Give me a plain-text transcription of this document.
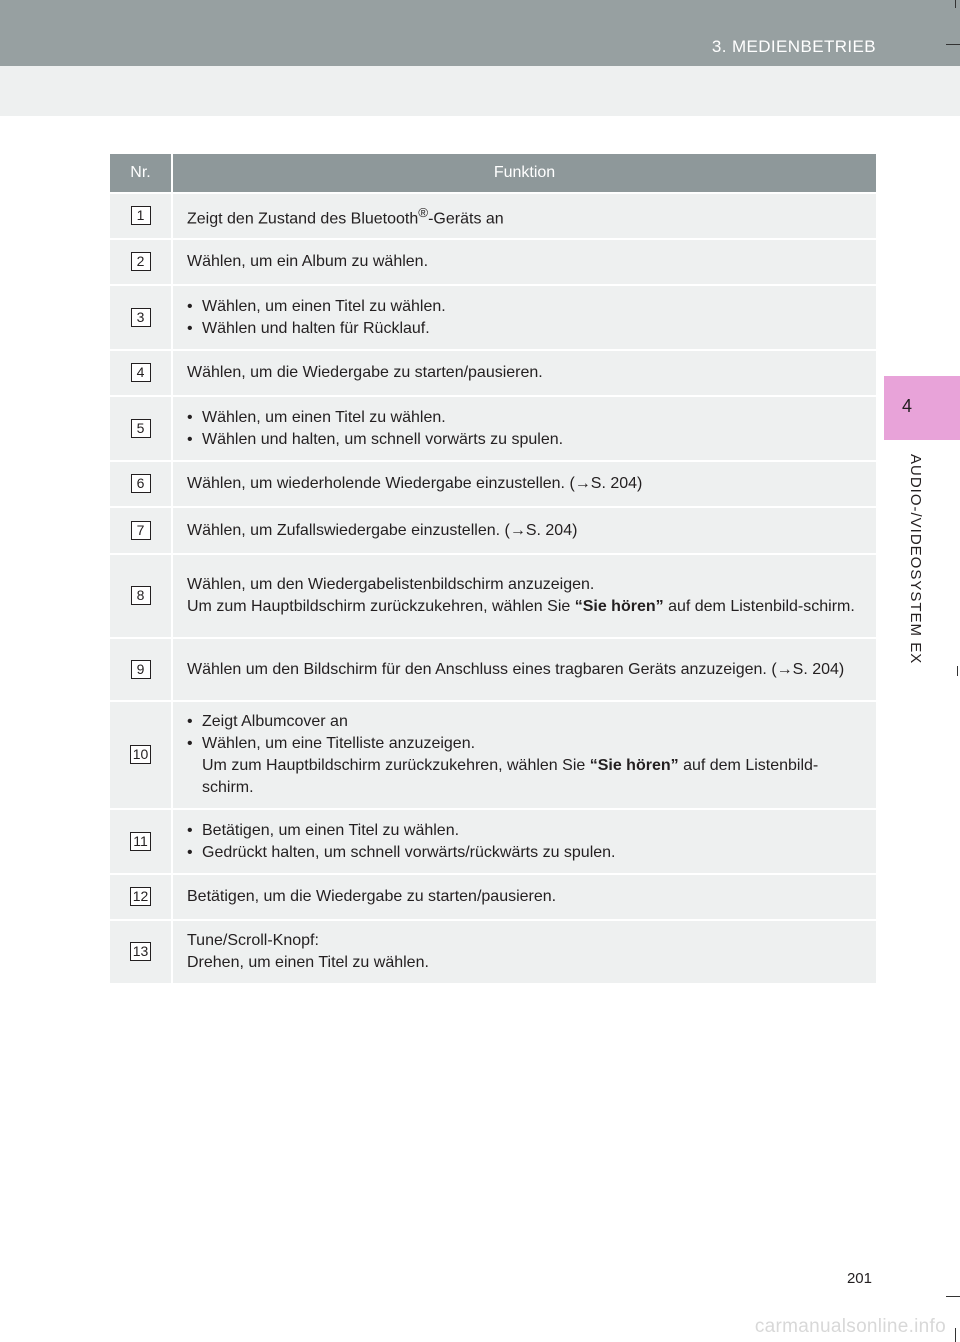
3. MEDIENBETRIEB
4
AUDIO-/VIDEOSYSTEM EX
Nr.	Funktion
1	Zeigt den Zustand des Bluetooth®-Geräts an
2	Wählen, um ein Album zu wählen.
3	• Wählen, um einen Titel zu wählen.
• Wählen und halten für Rücklauf.

4	Wählen, um die Wiedergabe zu starten/pausieren.
5	• Wählen, um einen Titel zu wählen.
• Wählen und halten, um schnell vorwärts zu spulen.

6	Wählen, um wiederholende Wiedergabe einzustellen. (→S. 204)
7	Wählen, um Zufallswiedergabe einzustellen. (→S. 204)
8	Wählen, um den Wiedergabelistenbildschirm anzuzeigen.
Um zum Hauptbildschirm zurückzukehren, wählen Sie “Sie hören” auf dem Listenbild-schirm.

9	Wählen um den Bildschirm für den Anschluss eines tragbaren Geräts anzuzeigen. (→S. 204)
10	• Zeigt Albumcover an
• Wählen, um eine Titelliste anzuzeigen.
Um zum Hauptbildschirm zurückzukehren, wählen Sie “Sie hören” auf dem Listenbild-schirm.

11	• Betätigen, um einen Titel zu wählen.
• Gedrückt halten, um schnell vorwärts/rückwärts zu spulen.

12	Betätigen, um die Wiedergabe zu starten/pausieren.
13	Tune/Scroll-Knopf:
Drehen, um einen Titel zu wählen.
201
carmanualsonline.info
